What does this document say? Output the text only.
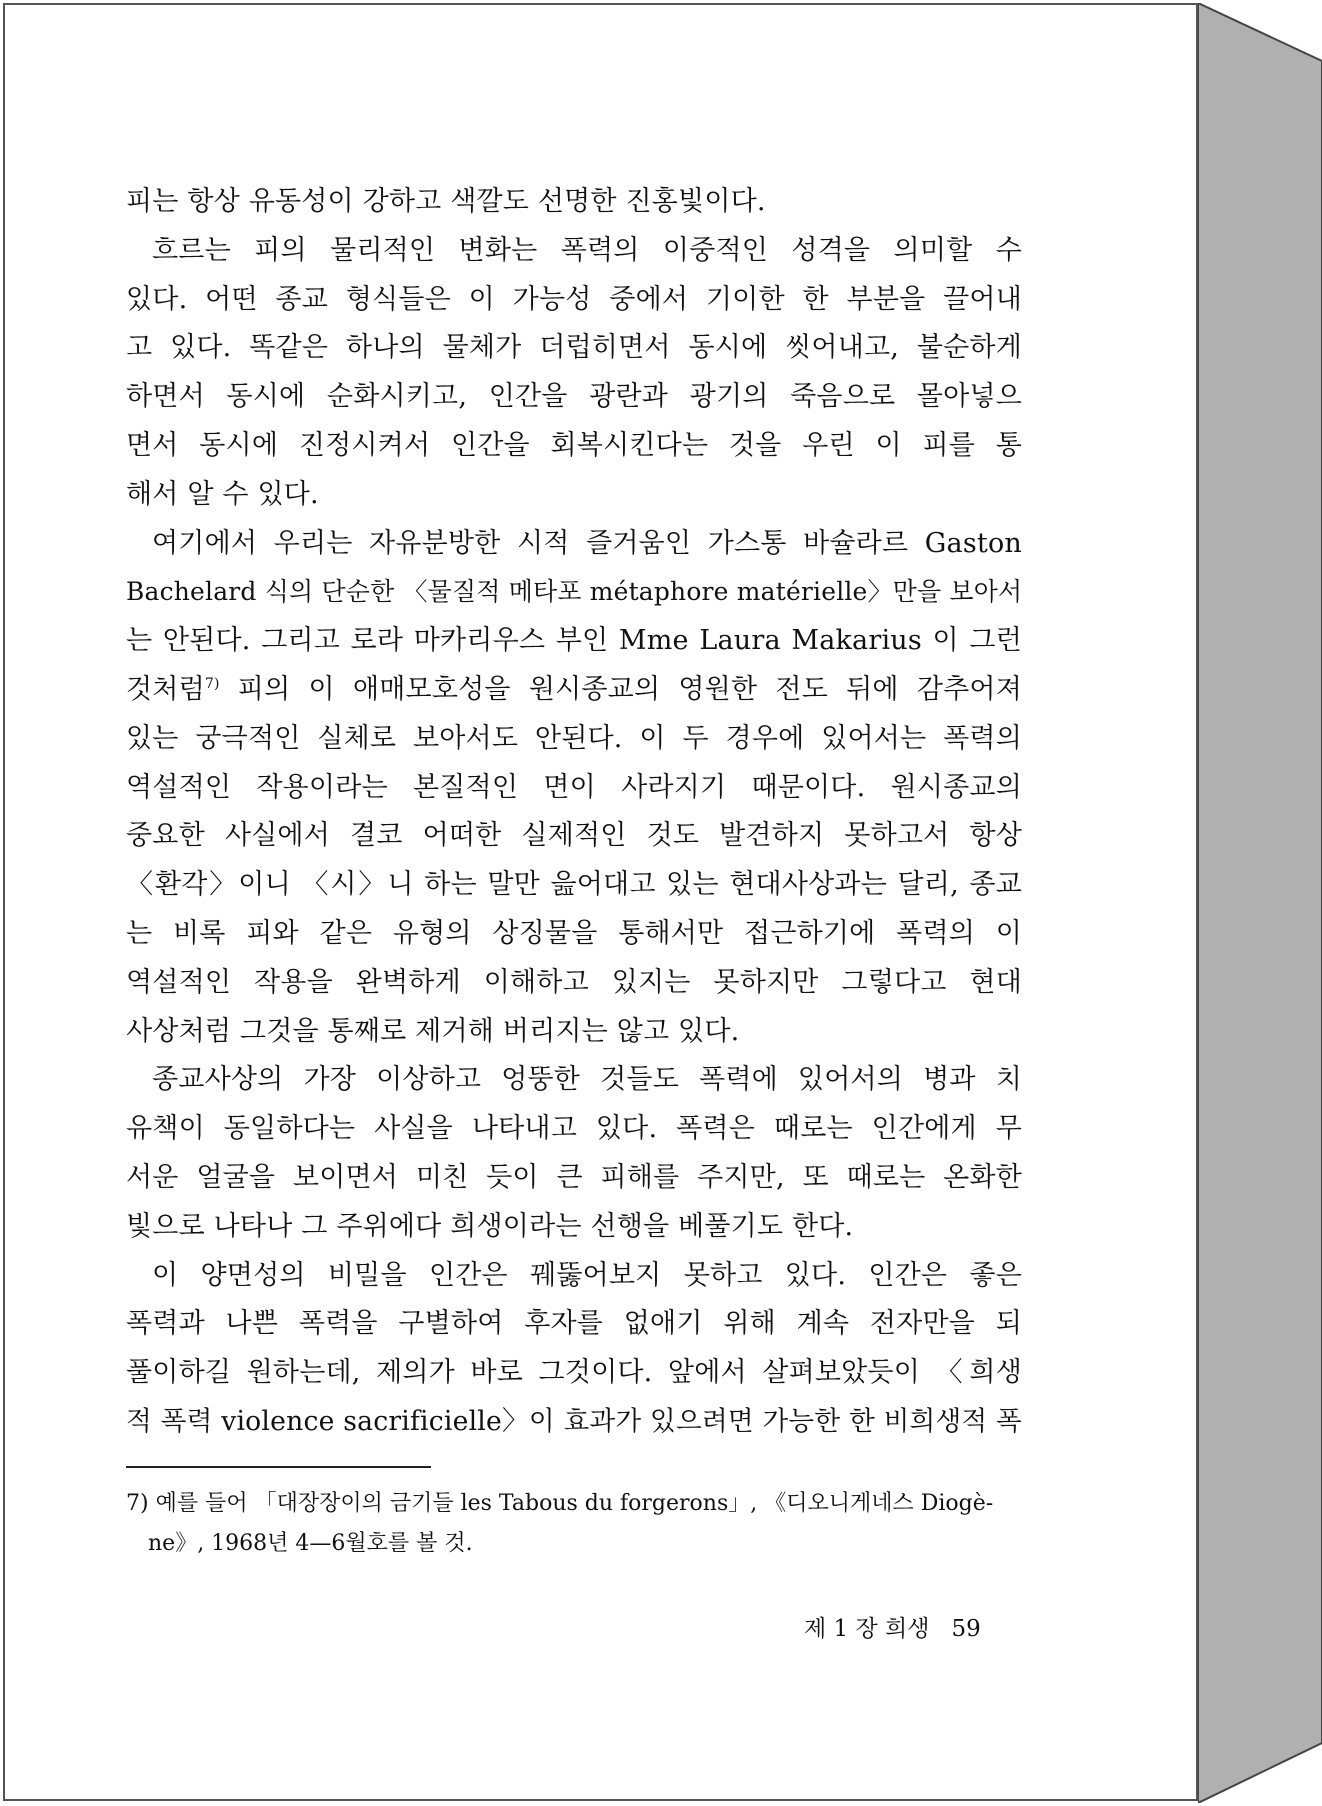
피는 항상 유동성이 강하고 색깔도 선명한 진홍빛이다.

흐르는 피의 물리적인 변화는 폭력의 이중적인 성격을 의미할 수
있다. 어떤 종교 형식들은 이 가능성 중에서 기이한 한 부분을 끌어내
고 있다. 똑같은 하나의 물체가 더럽히면서 동시에 씻어내고, 불순하게
하면서 동시에 순화시키고, 인간을 광란과 광기의 죽음으로 몰아넣으
면서 동시에 진정시켜서 인간을 회복시킨다는 것을 우린 이 피를 통
해서 알 수 있다.

여기에서 우리는 자유분방한 시적 즐거움인 가스통 바슐라르 Gaston
Bachelard 식의 단순한 〈물질적 메타포 métaphore matérielle〉만을 보아서
는 안된다. 그리고 로라 마카리우스 부인 Mme Laura Makarius 이 그런
것처럼$^{7)}$ 피의 이 애매모호성을 원시종교의 영원한 전도 뒤에 감추어져
있는 궁극적인 실체로 보아서도 안된다. 이 두 경우에 있어서는 폭력의
역설적인 작용이라는 본질적인 면이 사라지기 때문이다. 원시종교의
중요한 사실에서 결코 어떠한 실제적인 것도 발견하지 못하고서 항상
〈환각〉이니 〈시〉니 하는 말만 읊어대고 있는 현대사상과는 달리, 종교
는 비록 피와 같은 유형의 상징물을 통해서만 접근하기에 폭력의 이
역설적인 작용을 완벽하게 이해하고 있지는 못하지만 그렇다고 현대
사상처럼 그것을 통째로 제거해 버리지는 않고 있다.

종교사상의 가장 이상하고 엉뚱한 것들도 폭력에 있어서의 병과 치
유책이 동일하다는 사실을 나타내고 있다. 폭력은 때로는 인간에게 무
서운 얼굴을 보이면서 미친 듯이 큰 피해를 주지만, 또 때로는 온화한
빛으로 나타나 그 주위에다 희생이라는 선행을 베풀기도 한다.

이 양면성의 비밀을 인간은 꿰뚫어보지 못하고 있다. 인간은 좋은
폭력과 나쁜 폭력을 구별하여 후자를 없애기 위해 계속 전자만을 되
풀이하길 원하는데, 제의가 바로 그것이다. 앞에서 살펴보았듯이 〈희생
적 폭력 violence sacrificielle〉이 효과가 있으려면 가능한 한 비희생적 폭

7) 예를 들어 「대장장이의 금기들 les Tabous du forgerons」, 《디오니게네스 Diogè-
ne》, 1968년 4—6월호를 볼 것.
제 1 장 희생 59
